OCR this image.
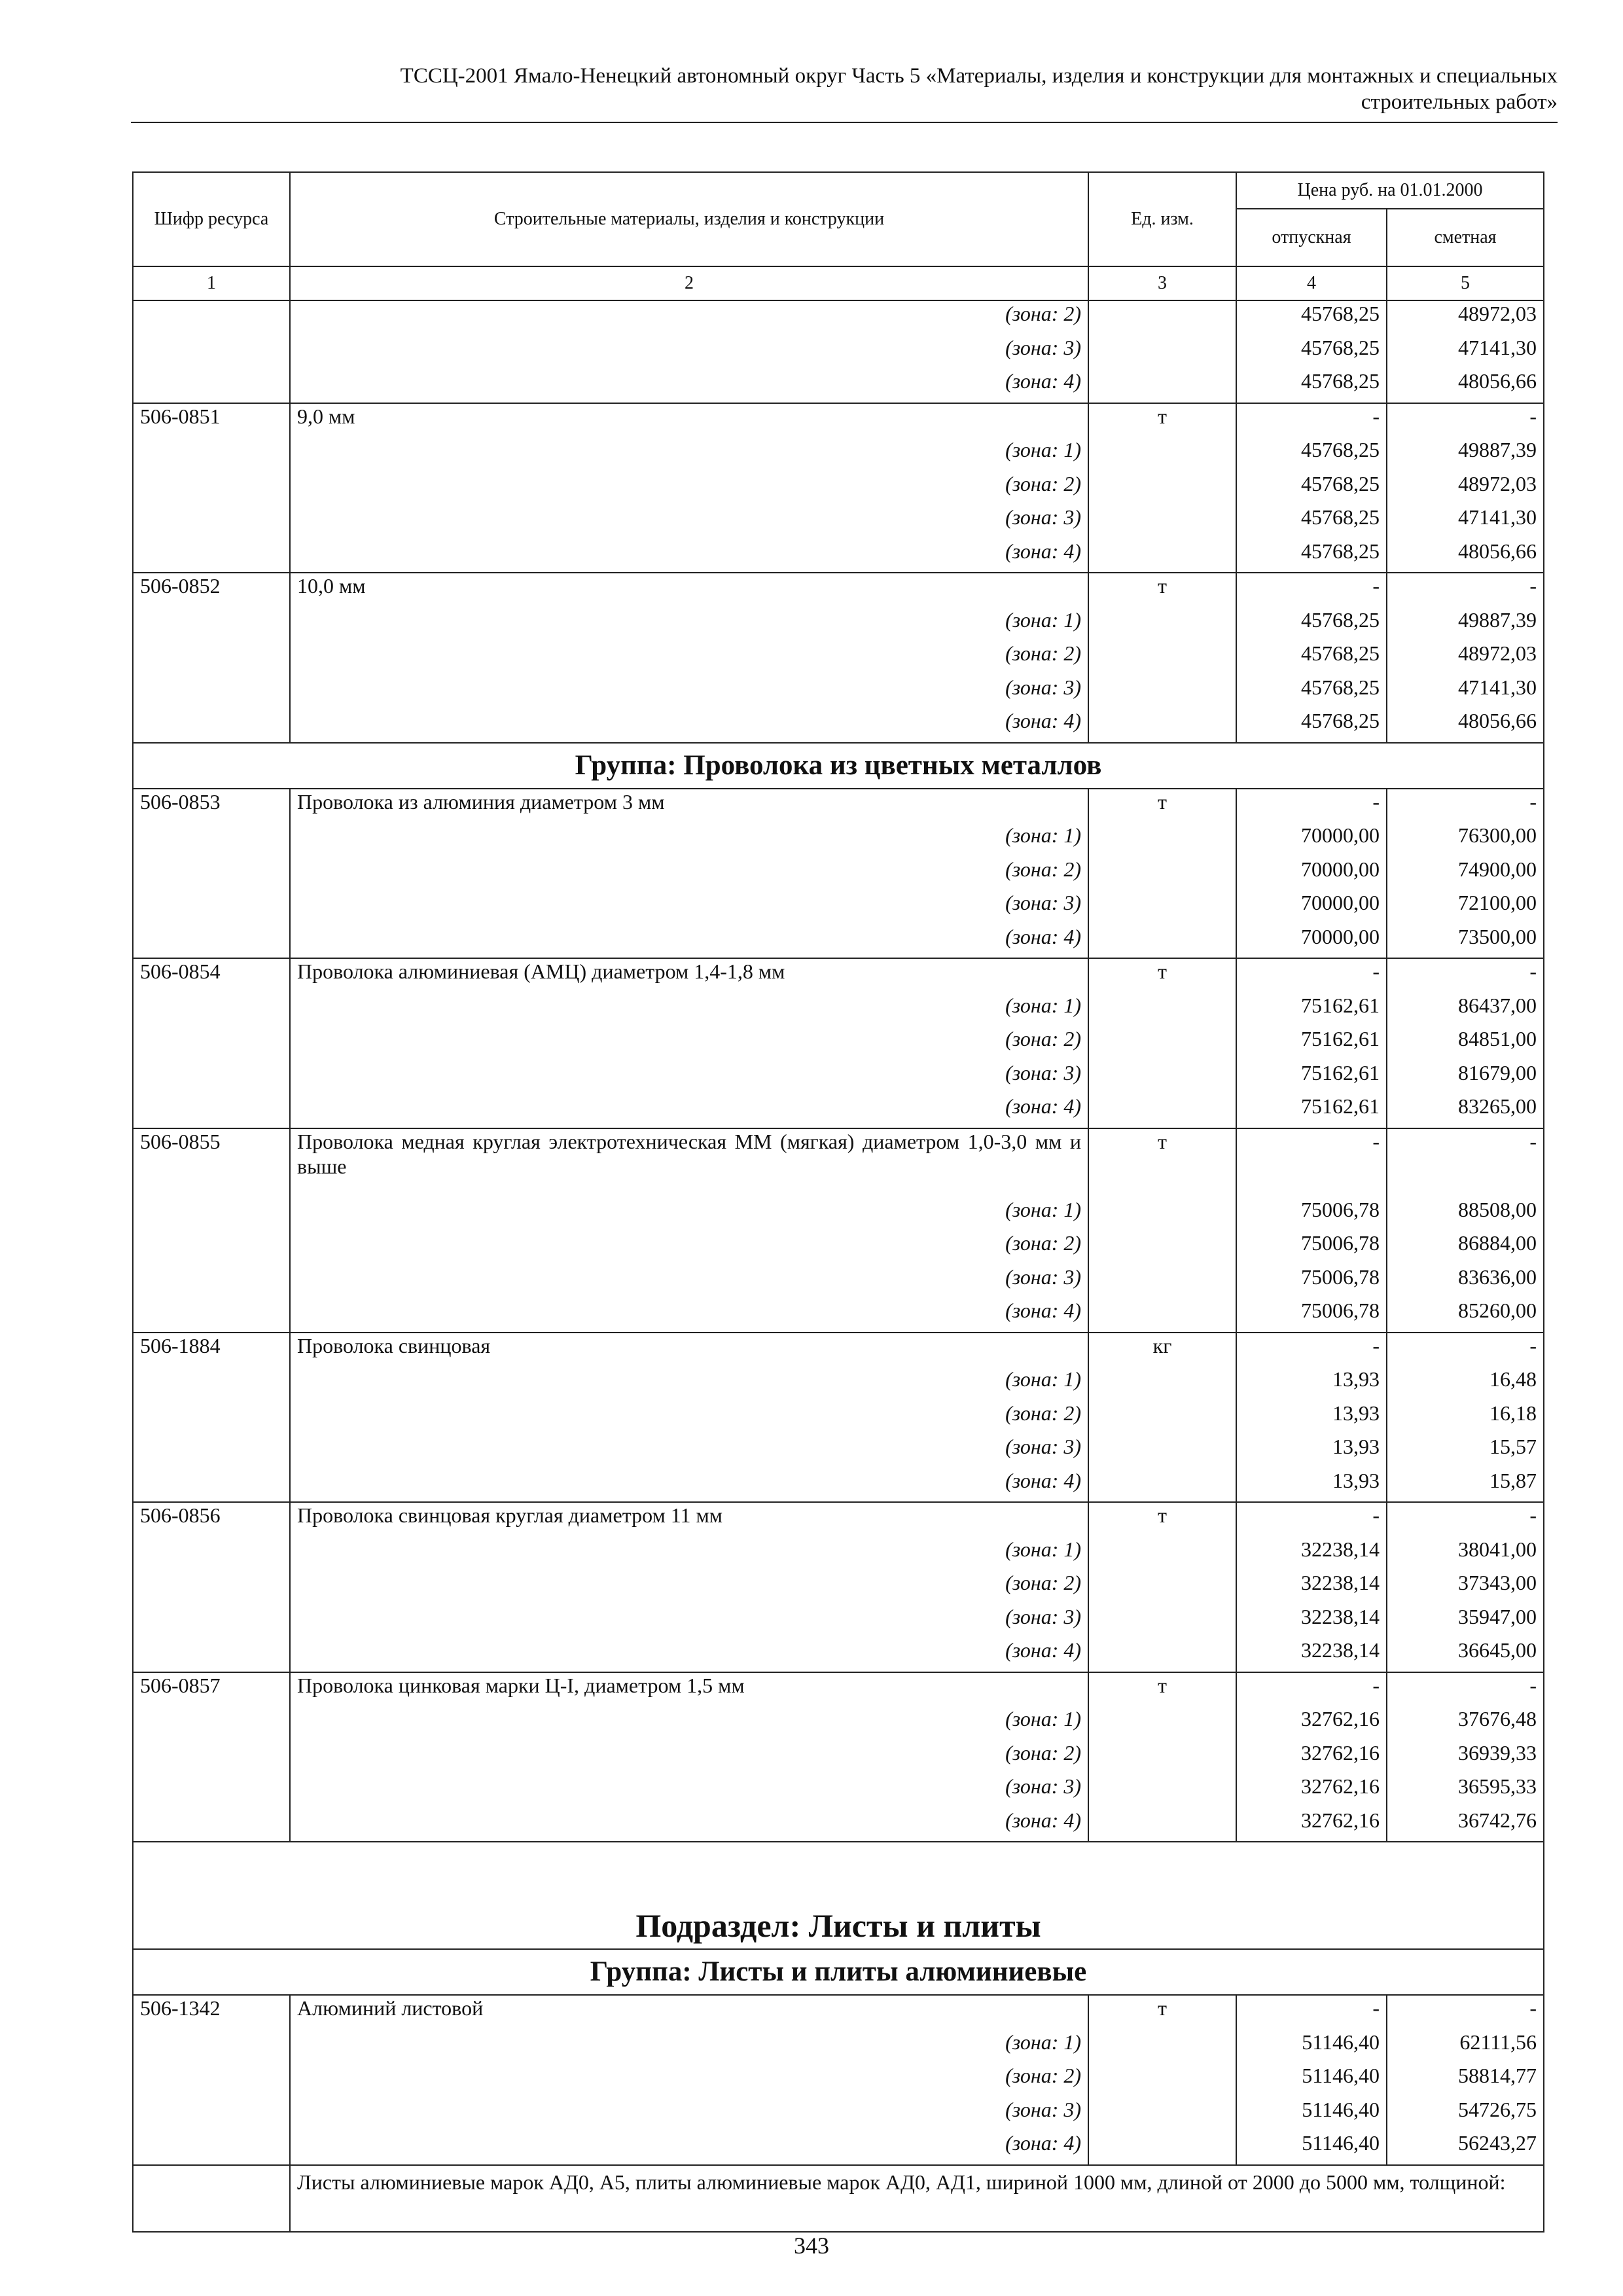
ТССЦ-2001 Ямало-Ненецкий автономный округ Часть 5 «Материалы, изделия и конструкции для монтажных и специальных
строительных работ»
Шифр ресурса	Строительные материалы, изделия и конструкции	Ед. изм.	Цена руб. на 01.01.2000	
			отпускная	сметная
1	2	3	4	5
	(зона: 2)		45768,25	48972,03
	(зона: 3)		45768,25	47141,30
	(зона: 4)		45768,25	48056,66
506-0851	9,0 мм	т	-	-
	(зона: 1)		45768,25	49887,39
	(зона: 2)		45768,25	48972,03
	(зона: 3)		45768,25	47141,30
	(зона: 4)		45768,25	48056,66
506-0852	10,0 мм	т	-	-
	(зона: 1)		45768,25	49887,39
	(зона: 2)		45768,25	48972,03
	(зона: 3)		45768,25	47141,30
	(зона: 4)		45768,25	48056,66
Группа: Проволока из цветных металлов				
506-0853	Проволока из алюминия диаметром 3 мм	т	-	-
	(зона: 1)		70000,00	76300,00
	(зона: 2)		70000,00	74900,00
	(зона: 3)		70000,00	72100,00
	(зона: 4)		70000,00	73500,00
506-0854	Проволока алюминиевая (АМЦ) диаметром 1,4-1,8 мм	т	-	-
	(зона: 1)		75162,61	86437,00
	(зона: 2)		75162,61	84851,00
	(зона: 3)		75162,61	81679,00
	(зона: 4)		75162,61	83265,00
506-0855	Проволока медная круглая электротехническая ММ (мягкая) диаметром 1,0-3,0 мм и выше	т	-	-
	(зона: 1)		75006,78	88508,00
	(зона: 2)		75006,78	86884,00
	(зона: 3)		75006,78	83636,00
	(зона: 4)		75006,78	85260,00
506-1884	Проволока свинцовая	кг	-	-
	(зона: 1)		13,93	16,48
	(зона: 2)		13,93	16,18
	(зона: 3)		13,93	15,57
	(зона: 4)		13,93	15,87
506-0856	Проволока свинцовая круглая диаметром 11 мм	т	-	-
	(зона: 1)		32238,14	38041,00
	(зона: 2)		32238,14	37343,00
	(зона: 3)		32238,14	35947,00
	(зона: 4)		32238,14	36645,00
506-0857	Проволока цинковая марки Ц-I, диаметром 1,5 мм	т	-	-
	(зона: 1)		32762,16	37676,48
	(зона: 2)		32762,16	36939,33
	(зона: 3)		32762,16	36595,33
	(зона: 4)		32762,16	36742,76
Подраздел: Листы и плиты				
Группа: Листы и плиты алюминиевые				
506-1342	Алюминий листовой	т	-	-
	(зона: 1)		51146,40	62111,56
	(зона: 2)		51146,40	58814,77
	(зона: 3)		51146,40	54726,75
	(зона: 4)		51146,40	56243,27
	Листы алюминиевые марок АД0, А5, плиты алюминиевые марок АД0, АД1, шириной 1000 мм, длиной от 2000 до 5000 мм, толщиной:			
343
